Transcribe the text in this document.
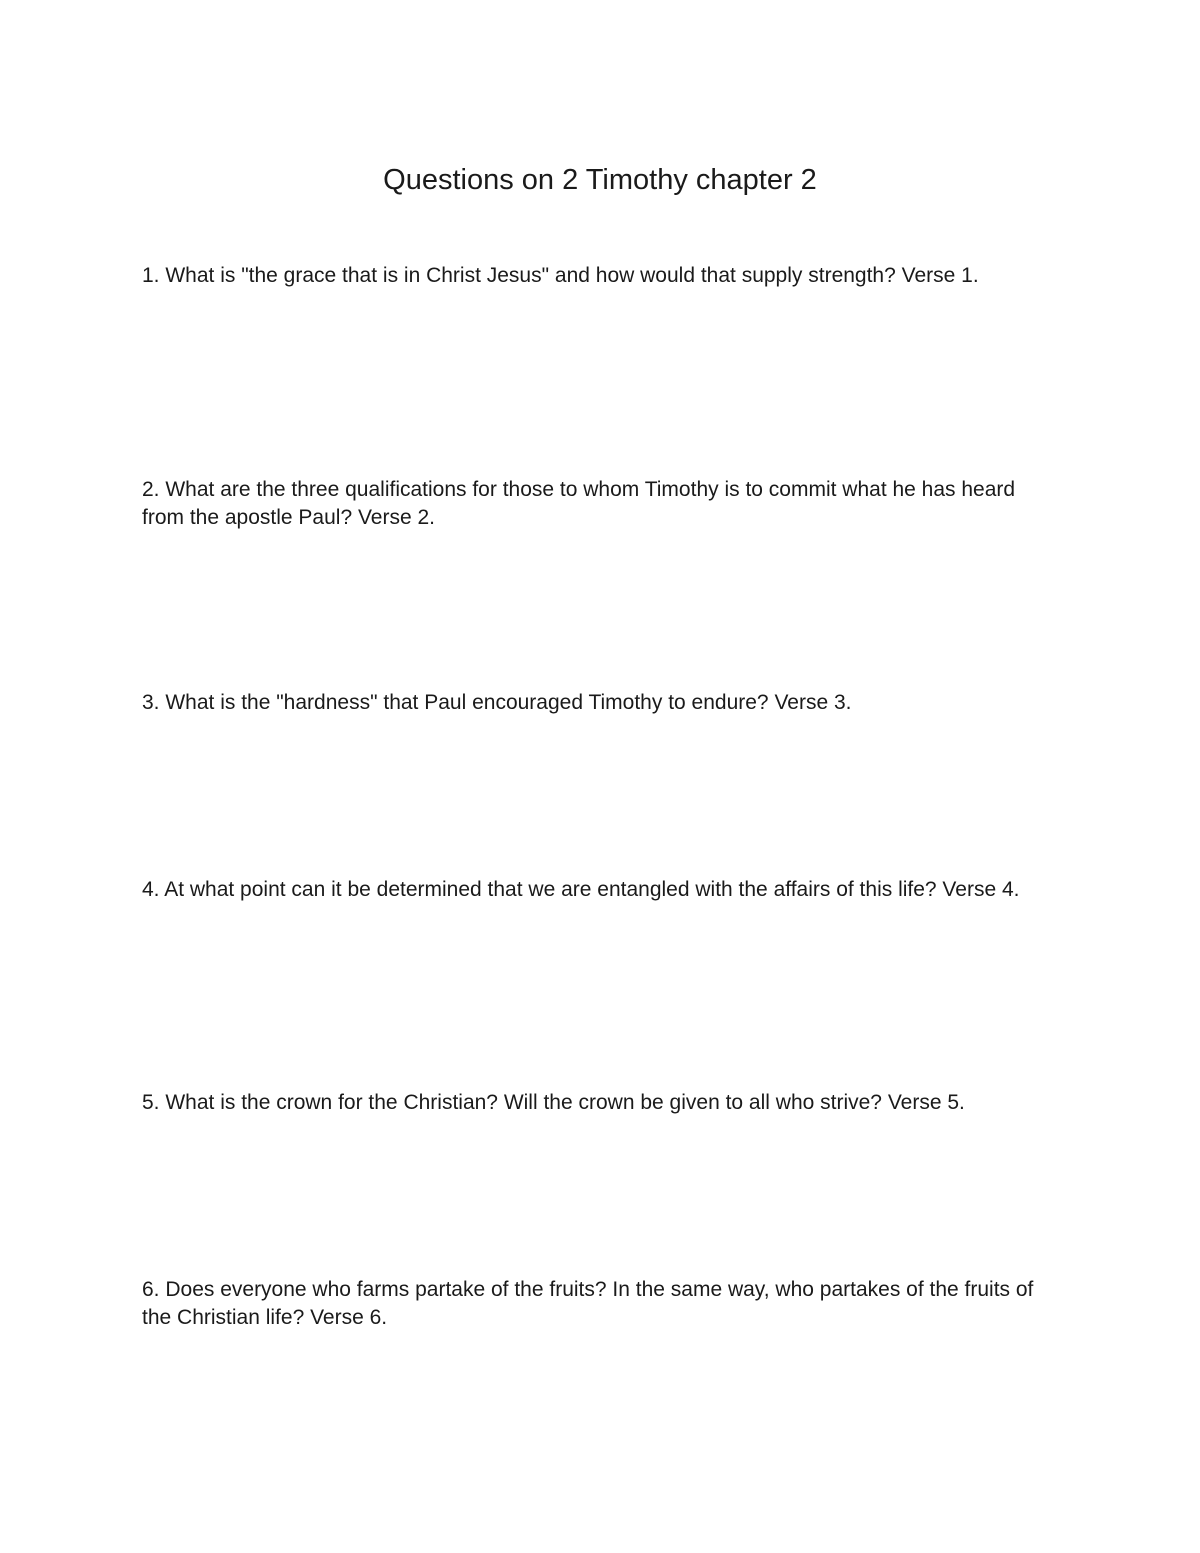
Questions on 2 Timothy chapter 2

1. What is "the grace that is in Christ Jesus" and how would that supply strength? Verse 1.

2. What are the three qualifications for those to whom Timothy is to commit what he has heard from the apostle Paul? Verse 2.

3. What is the "hardness" that Paul encouraged Timothy to endure? Verse 3.

4. At what point can it be determined that we are entangled with the affairs of this life? Verse 4.

5. What is the crown for the Christian? Will the crown be given to all who strive? Verse 5.

6. Does everyone who farms partake of the fruits? In the same way, who partakes of the fruits of the Christian life? Verse 6.
